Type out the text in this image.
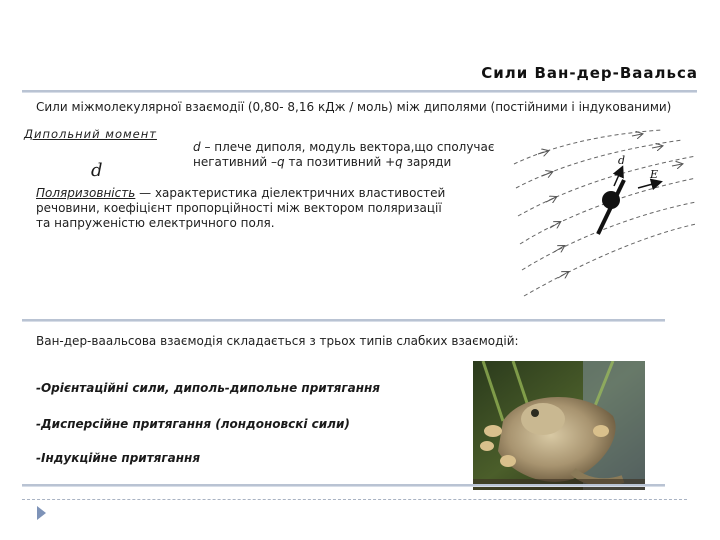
Сили Ван-дер-Ваальса
Сили міжмолекулярної взаємодії (0,80- 8,16 кДж / моль) між диполями (постійними і індукованими)
Дипольний момент
d
d – плече диполя, модуль вектора,що сполучає негативний –q та позитивний +q заряди
Поляризовність — характеристика діелектричних властивостей речовини, коефіцієнт пропорційності між вектором поляризації та напруженістю електричного поля.
d
E
Ван-дер-ваальсова взаємодія складається з трьох типів слабких взаємодій:
-Орієнтаційні сили, диполь-дипольне притягання
-Дисперсійне притягання (лондоновскі сили)
-Індукційне притягання
